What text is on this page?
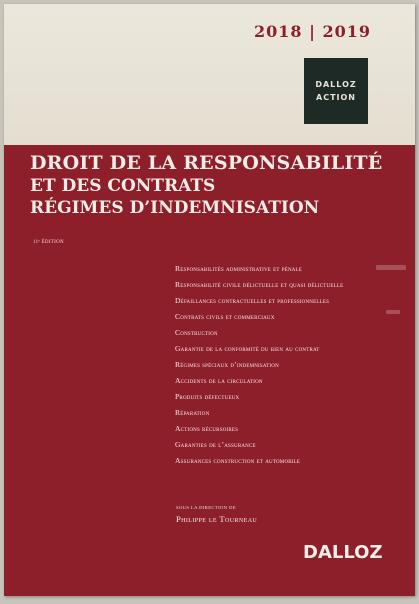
2018 | 2019
DALLOZ
ACTION
DROIT DE LA RESPONSABILITÉ
ET DES CONTRATS
RÉGIMES D’INDEMNISATION
11ᵉ ÉDITION
Responsabilités administrative et pénale
Responsabilité civile délictuelle et quasi délictuelle
Défaillances contractuelles et professionnelles
Contrats civils et commerciaux
Construction
Garantie de la conformité du bien au contrat
Régimes spéciaux d’indemnisation
Accidents de la circulation
Produits défectueux
Réparation
Actions récursoires
Garanties de l’assurance
Assurances construction et automobile
SOUS LA DIRECTION DE
Philippe le Tourneau
DALLOZ
